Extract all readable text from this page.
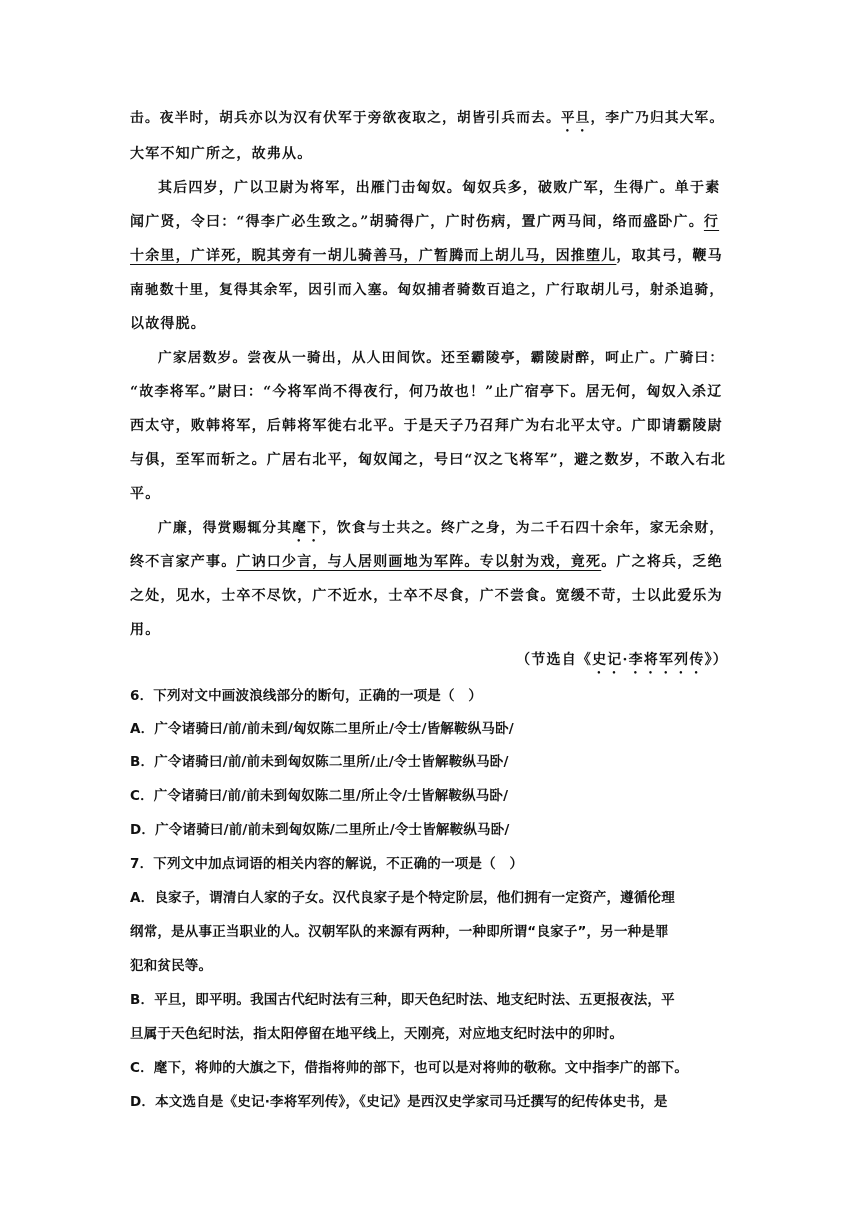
击。夜半时，胡兵亦以为汉有伏军于旁欲夜取之，胡皆引兵而去。平旦，李广乃归其大军。
大军不知广所之，故弗从。
其后四岁，广以卫尉为将军，出雁门击匈奴。匈奴兵多，破败广军，生得广。单于素
闻广贤，令曰：“得李广必生致之。”胡骑得广，广时伤病，置广两马间，络而盛卧广。行
十余里，广详死，睨其旁有一胡儿骑善马，广暂腾而上胡儿马，因推堕儿，取其弓，鞭马
南驰数十里，复得其余军，因引而入塞。匈奴捕者骑数百追之，广行取胡儿弓，射杀追骑，
以故得脱。
广家居数岁。尝夜从一骑出，从人田间饮。还至霸陵亭，霸陵尉醉，呵止广。广骑曰：
“故李将军。”尉曰：“今将军尚不得夜行，何乃故也！”止广宿亭下。居无何，匈奴入杀辽
西太守，败韩将军，后韩将军徙右北平。于是天子乃召拜广为右北平太守。广即请霸陵尉
与俱，至军而斩之。广居右北平，匈奴闻之，号曰“汉之飞将军”，避之数岁，不敢入右北
平。
广廉，得赏赐辄分其麾下，饮食与士共之。终广之身，为二千石四十余年，家无余财，
终不言家产事。广讷口少言，与人居则画地为军阵。专以射为戏，竟死。广之将兵，乏绝
之处，见水，士卒不尽饮，广不近水，士卒不尽食，广不尝食。宽缓不苛，士以此爱乐为
用。
（节选自《史记·李将军列传》）
6．下列对文中画波浪线部分的断句，正确的一项是（　）
A．广令诸骑曰/前/前未到/匈奴陈二里所止/令士/皆解鞍纵马卧/
B．广令诸骑曰/前/前未到匈奴陈二里所/止/令士皆解鞍纵马卧/
C．广令诸骑曰/前/前未到匈奴陈二里/所止令/士皆解鞍纵马卧/
D．广令诸骑曰/前/前未到匈奴陈/二里所止/令士皆解鞍纵马卧/
7．下列文中加点词语的相关内容的解说，不正确的一项是（　）
A．良家子，谓清白人家的子女。汉代良家子是个特定阶层，他们拥有一定资产，遵循伦理
纲常，是从事正当职业的人。汉朝军队的来源有两种，一种即所谓“良家子”，另一种是罪
犯和贫民等。
B．平旦，即平明。我国古代纪时法有三种，即天色纪时法、地支纪时法、五更报夜法，平
旦属于天色纪时法，指太阳停留在地平线上，天刚亮，对应地支纪时法中的卯时。
C．麾下，将帅的大旗之下，借指将帅的部下，也可以是对将帅的敬称。文中指李广的部下。
D．本文选自是《史记·李将军列传》，《史记》是西汉史学家司马迁撰写的纪传体史书，是
